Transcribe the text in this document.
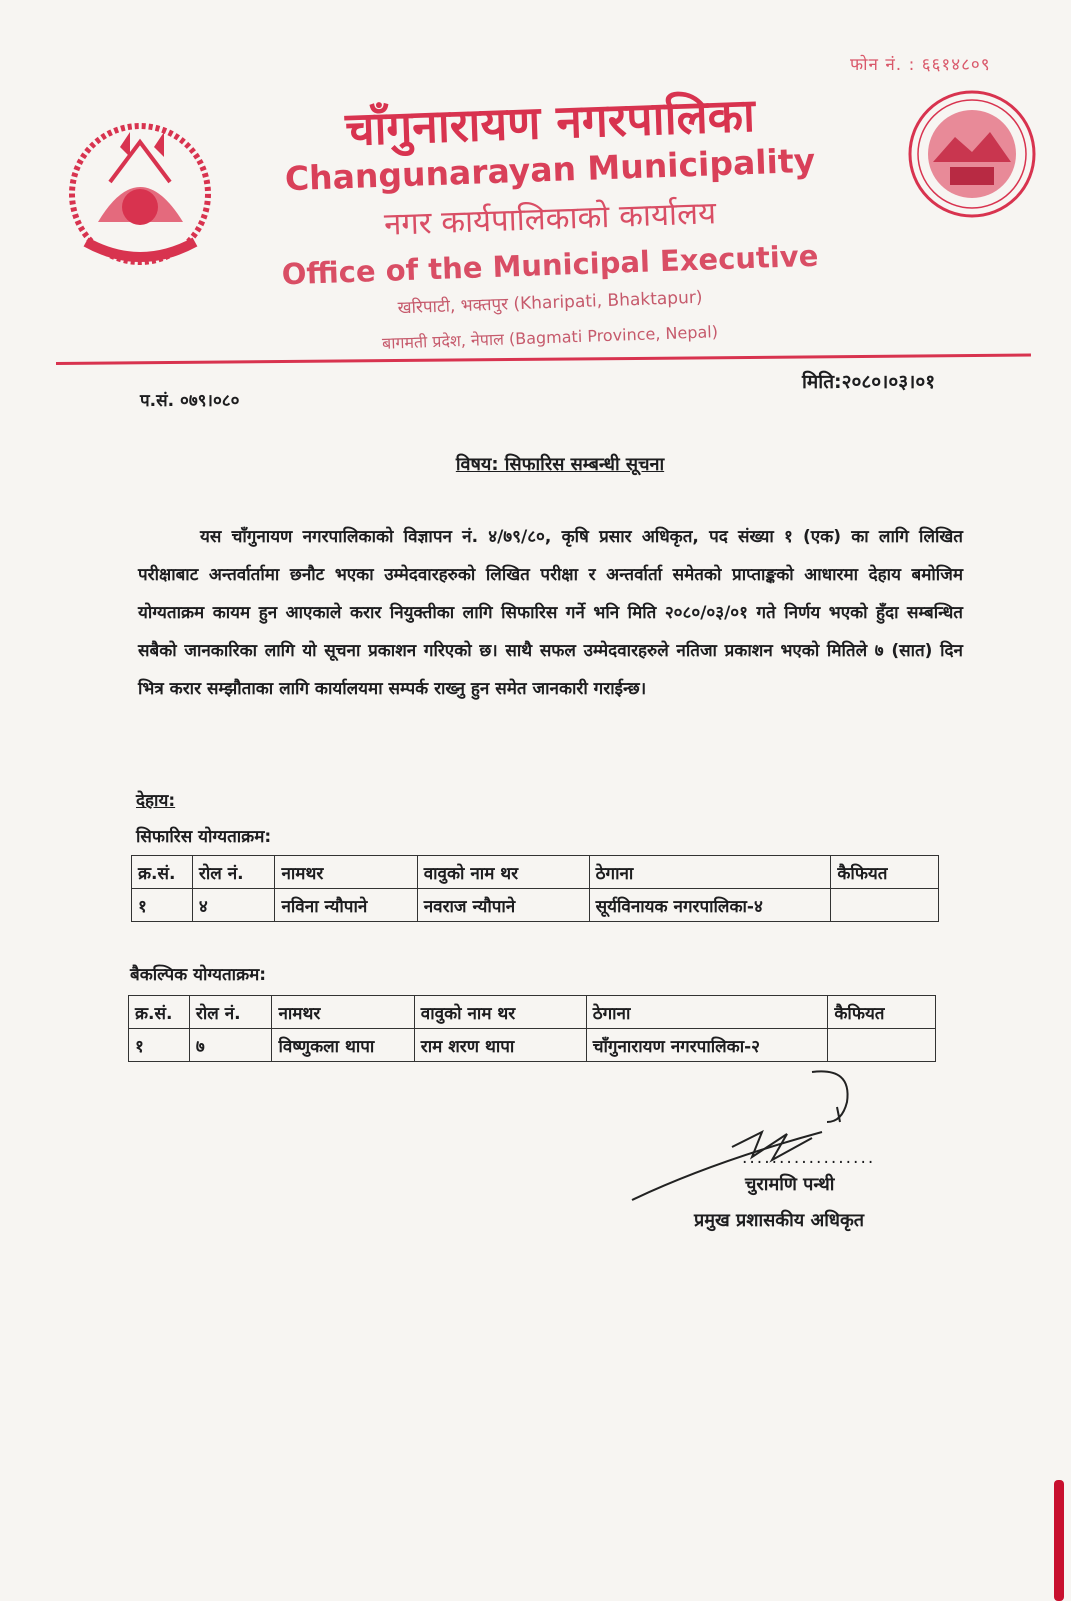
फोन नं. : ६६१४८०९
चाँगुनारायण नगरपालिका
Changunarayan Municipality
नगर कार्यपालिकाको कार्यालय
Office of the Municipal Executive
खरिपाटी, भक्तपुर (Kharipati, Bhaktapur)
बागमती प्रदेश, नेपाल (Bagmati Province, Nepal)
प.सं. ०७९।०८०
मिति:२०८०।०३।०१
विषय: सिफारिस सम्बन्धी सूचना
यस चाँगुनायण नगरपालिकाको विज्ञापन नं. ४/७९/८०, कृषि प्रसार अधिकृत, पद संख्या १ (एक) का लागि लिखित परीक्षाबाट अन्तर्वार्तामा छनौट भएका उम्मेदवारहरुको लिखित परीक्षा र अन्तर्वार्ता समेतको प्राप्ताङ्कको आधारमा देहाय बमोजिम योग्यताक्रम कायम हुन आएकाले करार नियुक्तीका लागि सिफारिस गर्ने भनि मिति २०८०/०३/०१ गते निर्णय भएको हुँदा सम्बन्धित सबैको जानकारिका लागि यो सूचना प्रकाशन गरिएको छ। साथै सफल उम्मेदवारहरुले नतिजा प्रकाशन भएको मितिले ७ (सात) दिन भित्र करार सम्झौताका लागि कार्यालयमा सम्पर्क राख्नु हुन समेत जानकारी गराईन्छ।
देहाय:
सिफारिस योग्यताक्रम:
क्र.सं.	रोल नं.	नामथर	वावुको नाम थर	ठेगाना	कैफियत
१	४	नविना न्यौपाने	नवराज न्यौपाने	सूर्यविनायक नगरपालिका-४	
बैकल्पिक योग्यताक्रम:
क्र.सं.	रोल नं.	नामथर	वावुको नाम थर	ठेगाना	कैफियत
१	७	विष्णुकला थापा	राम शरण थापा	चाँगुनारायण नगरपालिका-२	
..................
चुरामणि पन्थी
प्रमुख प्रशासकीय अधिकृत
